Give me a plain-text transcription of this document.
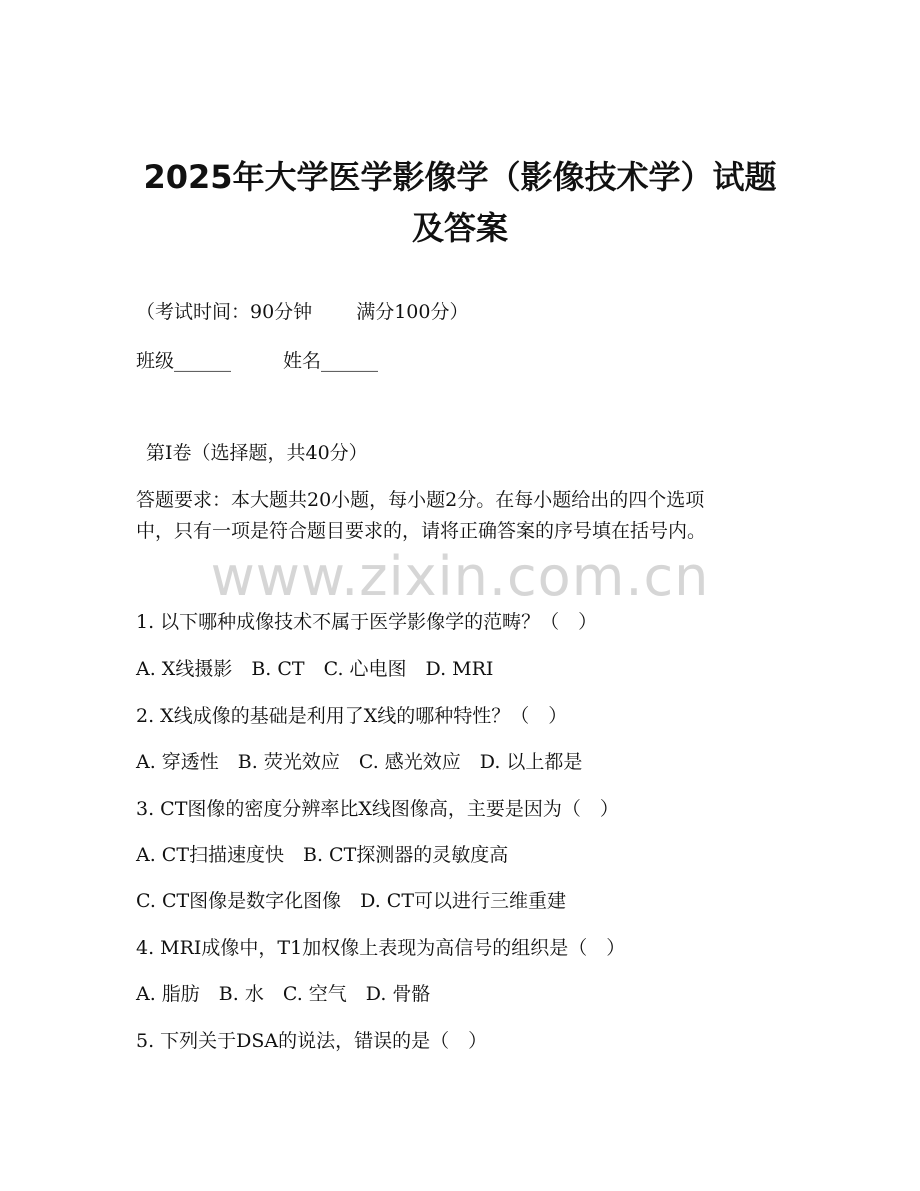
2025年大学医学影像学（影像技术学）试题
及答案
（考试时间：90分钟 满分100分）
班级______	姓名______
第Ⅰ卷（选择题，共40分）
答题要求：本大题共20小题，每小题2分。在每小题给出的四个选项
中，只有一项是符合题目要求的，请将正确答案的序号填在括号内。
www.zixin.com.cn
1. 以下哪种成像技术不属于医学影像学的范畴？（　）
A. X线摄影　B. CT　C. 心电图　D. MRI
2. X线成像的基础是利用了X线的哪种特性？（　）
A. 穿透性　B. 荧光效应　C. 感光效应　D. 以上都是
3. CT图像的密度分辨率比X线图像高，主要是因为（　）
A. CT扫描速度快　B. CT探测器的灵敏度高
C. CT图像是数字化图像　D. CT可以进行三维重建
4. MRI成像中，T1加权像上表现为高信号的组织是（　）
A. 脂肪　B. 水　C. 空气　D. 骨骼
5. 下列关于DSA的说法，错误的是（　）
